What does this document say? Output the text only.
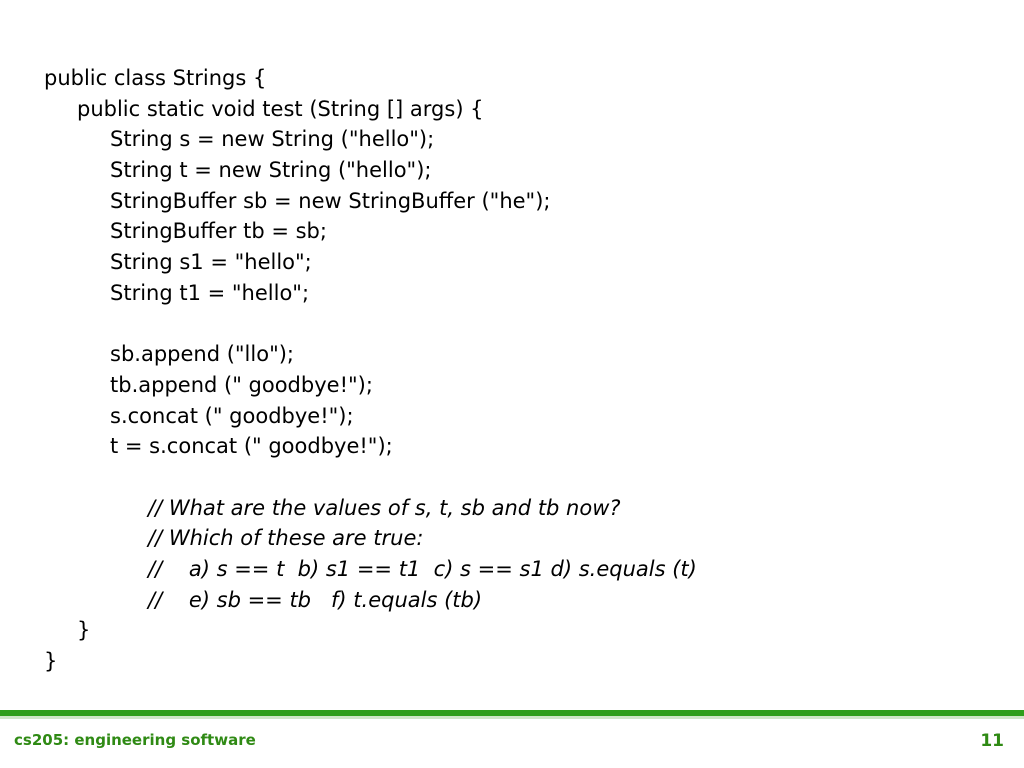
public class Strings {
public static void test (String [] args) {
String s = new String ("hello");
String t = new String ("hello");
StringBuffer sb = new StringBuffer ("he");
StringBuffer tb = sb;
String s1 = "hello";
String t1 = "hello";
sb.append ("llo");
tb.append (" goodbye!");
s.concat (" goodbye!");
t = s.concat (" goodbye!");
// What are the values of s, t, sb and tb now?
// Which of these are true:
//    a) s == t  b) s1 == t1  c) s == s1 d) s.equals (t)
//    e) sb == tb   f) t.equals (tb)
}
}
cs205: engineering software	11
